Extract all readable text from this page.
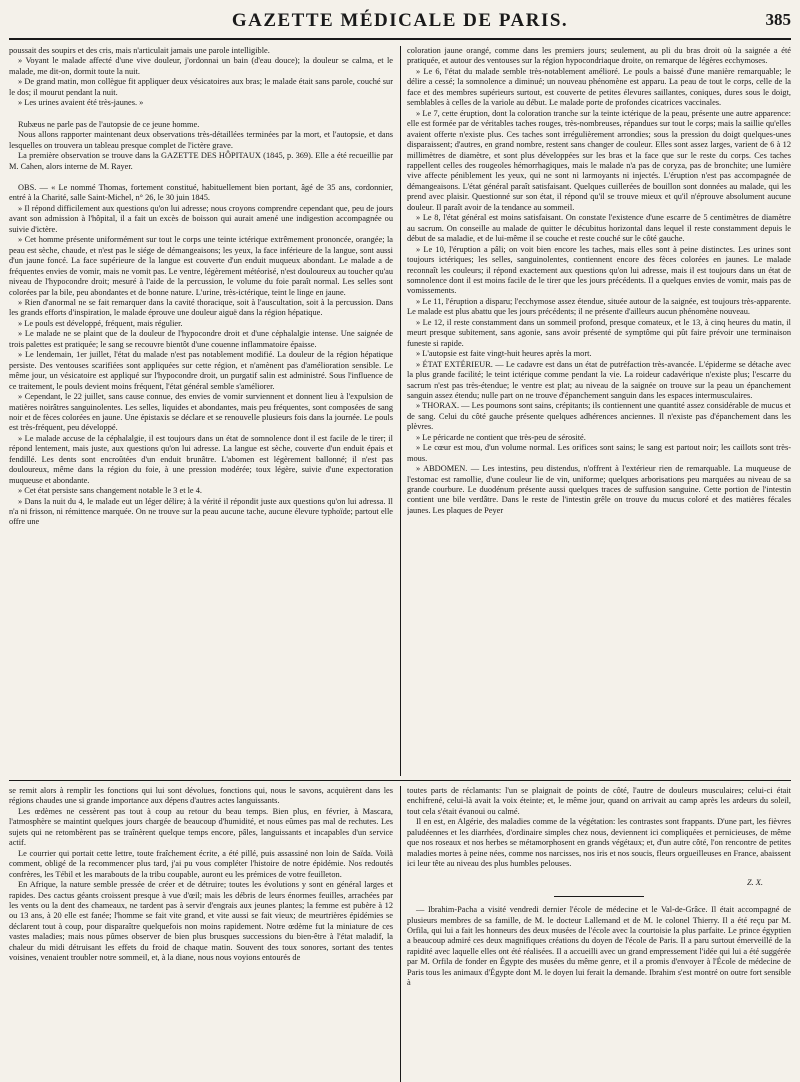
GAZETTE MÉDICALE DE PARIS.	385

poussait des soupirs et des cris, mais n'articulait jamais une parole intelligible.

» Voyant le malade affecté d'une vive douleur, j'ordonnai un bain (d'eau douce); la douleur se calma, et le malade, me dit-on, dormit toute la nuit.

» De grand matin, mon collègue fit appliquer deux vésicatoires aux bras; le malade était sans parole, couché sur le dos; il mourut pendant la nuit.

» Les urines avaient été très-jaunes. »

Rubæus ne parle pas de l'autopsie de ce jeune homme.

Nous allons rapporter maintenant deux observations très-détaillées terminées par la mort, et l'autopsie, et dans lesquelles on trouvera un tableau presque complet de l'ictère grave.

La première observation se trouve dans la GAZETTE DES HÔPITAUX (1845, p. 369). Elle a été recueillie par M. Cahen, alors interne de M. Rayer.

OBS. — « Le nommé Thomas, fortement constitué, habituellement bien portant, âgé de 35 ans, cordonnier, entré à la Charité, salle Saint-Michel, n° 26, le 30 juin 1845.

» Il répond difficilement aux questions qu'on lui adresse; nous croyons comprendre cependant que, peu de jours avant son admission à l'hôpital, il a fait un excès de boisson qui aurait amené une indigestion accompagnée ou suivie d'ictère.

» Cet homme présente uniformément sur tout le corps une teinte ictérique extrêmement prononcée, orangée; la peau est sèche, chaude, et n'est pas le siége de démangeaisons; les yeux, la face inférieure de la langue, sont aussi d'un jaune foncé. La face supérieure de la langue est couverte d'un enduit muqueux abondant. Le malade a de fréquentes envies de vomir, mais ne vomit pas. Le ventre, légèrement météorisé, n'est douloureux au toucher qu'au niveau de l'hypocondre droit; mesuré à l'aide de la percussion, le volume du foie paraît normal. Les selles sont colorées par la bile, peu abondantes et de bonne nature. L'urine, très-ictérique, teint le linge en jaune.

» Rien d'anormal ne se fait remarquer dans la cavité thoracique, soit à l'auscultation, soit à la percussion. Dans les grands efforts d'inspiration, le malade éprouve une douleur aiguë dans la région hépatique.

» Le pouls est développé, fréquent, mais régulier.

» Le malade ne se plaint que de la douleur de l'hypocondre droit et d'une céphalalgie intense. Une saignée de trois palettes est pratiquée; le sang se recouvre bientôt d'une couenne inflammatoire épaisse.

» Le lendemain, 1er juillet, l'état du malade n'est pas notablement modifié. La douleur de la région hépatique persiste. Des ventouses scarifiées sont appliquées sur cette région, et n'amènent pas d'amélioration sensible. Le même jour, un vésicatoire est appliqué sur l'hypocondre droit, un purgatif salin est administré. Sous l'influence de ce traitement, le pouls devient moins fréquent, l'état général semble s'améliorer.

» Cependant, le 22 juillet, sans cause connue, des envies de vomir surviennent et donnent lieu à l'expulsion de matières noirâtres sanguinolentes. Les selles, liquides et abondantes, mais peu fréquentes, sont composées de sang noir et de fèces colorées en jaune. Une épistaxis se déclare et se renouvelle plusieurs fois dans la journée. Le pouls est très-fréquent, peu développé.

» Le malade accuse de la céphalalgie, il est toujours dans un état de somnolence dont il est facile de le tirer; il répond lentement, mais juste, aux questions qu'on lui adresse. La langue est sèche, couverte d'un enduit épais et fendillé. Les dents sont encroûtées d'un enduit brunâtre. L'abomen est légèrement ballonné; il n'est pas douloureux, même dans la région du foie, à une pression modérée; toux légère, suivie d'une expectoration muqueuse et abondante.

» Cet état persiste sans changement notable le 3 et le 4.

» Dans la nuit du 4, le malade eut un léger délire; à la vérité il répondit juste aux questions qu'on lui adressa. Il n'a ni frisson, ni rémittence marquée. On ne trouve sur la peau aucune tache, aucune élevure typhoïde; partout elle offre une

coloration jaune orangé, comme dans les premiers jours; seulement, au pli du bras droit où la saignée a été pratiquée, et autour des ventouses sur la région hypocondriaque droite, on remarque de légères ecchymoses.

» Le 6, l'état du malade semble très-notablement amélioré. Le pouls a baissé d'une manière remarquable; le délire a cessé; la somnolence a diminué; un nouveau phénomène est apparu. La peau de tout le corps, celle de la face et des membres supérieurs surtout, est couverte de petites élevures saillantes, coniques, dures sous le doigt, semblables à celles de la variole au début. Le malade porte de profondes cicatrices vaccinales.

» Le 7, cette éruption, dont la coloration tranche sur la teinte ictérique de la peau, présente une autre apparence: elle est formée par de véritables taches rouges, très-nombreuses, répandues sur tout le corps; mais la saillie qu'elles avaient offerte n'existe plus. Ces taches sont irrégulièrement arrondies; sous la pression du doigt quelques-unes disparaissent; d'autres, en grand nombre, restent sans changer de couleur. Elles sont assez larges, varient de 6 à 12 millimètres de diamètre, et sont plus développées sur les bras et la face que sur le reste du corps. Ces taches rappellent celles des rougeoles hémorrhagiques, mais le malade n'a pas de coryza, pas de bronchite; une lumière vive affecte péniblement les yeux, qui ne sont ni larmoyants ni injectés. L'éruption n'est pas accompagnée de démangeaisons. L'état général paraît satisfaisant. Quelques cuillerées de bouillon sont données au malade, qui les prend avec plaisir. Questionné sur son état, il répond qu'il se trouve mieux et qu'il n'éprouve absolument aucune douleur. Il paraît avoir de la tendance au sommeil.

» Le 8, l'état général est moins satisfaisant. On constate l'existence d'une escarre de 5 centimètres de diamètre au sacrum. On conseille au malade de quitter le décubitus horizontal dans lequel il reste constamment depuis le début de sa maladie, et de lui-même il se couche et reste couché sur le côté gauche.

» Le 10, l'éruption a pâli; on voit bien encore les taches, mais elles sont à peine distinctes. Les urines sont toujours ictériques; les selles, sanguinolentes, contiennent encore des fèces colorées en jaunes. Le malade reconnaît les couleurs; il répond exactement aux questions qu'on lui adresse, mais il est toujours dans un état de somnolence dont il est moins facile de le tirer que les jours précédents. Il a quelques envies de vomir, mais pas de vomissements.

» Le 11, l'éruption a disparu; l'ecchymose assez étendue, située autour de la saignée, est toujours très-apparente. Le malade est plus abattu que les jours précédents; il ne présente d'ailleurs aucun phénomène nouveau.

» Le 12, il reste constamment dans un sommeil profond, presque comateux, et le 13, à cinq heures du matin, il meurt presque subitement, sans agonie, sans avoir présenté de symptôme qui pût faire prévoir une terminaison funeste si rapide.

» L'autopsie est faite vingt-huit heures après la mort.

» ÉTAT EXTÉRIEUR. — Le cadavre est dans un état de putréfaction très-avancée. L'épiderme se détache avec la plus grande facilité; le teint ictérique comme pendant la vie. La roideur cadavérique n'existe plus; l'escarre du sacrum n'est pas très-étendue; le ventre est plat; au niveau de la saignée on trouve sur la peau un épanchement sanguin assez étendu; nulle part on ne trouve d'épanchement sanguin dans les espaces intermusculaires.

» THORAX. — Les poumons sont sains, crépitants; ils contiennent une quantité assez considérable de mucus et de sang. Celui du côté gauche présente quelques adhérences anciennes. Il n'existe pas d'épanchement dans les plèvres.

» Le péricarde ne contient que très-peu de sérosité.

» Le cœur est mou, d'un volume normal. Les orifices sont sains; le sang est partout noir; les caillots sont très-mous.

» ABDOMEN. — Les intestins, peu distendus, n'offrent à l'extérieur rien de remarquable. La muqueuse de l'estomac est ramollie, d'une couleur lie de vin, uniforme; quelques arborisations peu marquées au niveau de sa grande courbure. Le duodénum présente aussi quelques traces de suffusion sanguine. Cette portion de l'intestin contient une bile verdâtre. Dans le reste de l'intestin grêle on trouve du mucus coloré et des matières fécales jaunes. Les plaques de Peyer

se remit alors à remplir les fonctions qui lui sont dévolues, fonctions qui, nous le savons, acquièrent dans les régions chaudes une si grande importance aux dépens d'autres actes languissants.

Les œdèmes ne cessèrent pas tout à coup au retour du beau temps. Bien plus, en février, à Mascara, l'atmosphère se maintint quelques jours chargée de beaucoup d'humidité, et nous eûmes pas mal de rechutes. Les sujets qui ne retombèrent pas se traînèrent quelque temps encore, pâles, languissants et incapables d'un service actif.

Le courrier qui portait cette lettre, toute fraîchement écrite, a été pillé, puis assassiné non loin de Saïda. Voilà comment, obligé de la recommencer plus tard, j'ai pu vous compléter l'histoire de notre épidémie. Nos redoutés confrères, les Tébil et les marabouts de la tribu coupable, auront eu les prémices de votre feuilleton.

En Afrique, la nature semble pressée de créer et de détruire; toutes les évolutions y sont en général larges et rapides. Des cactus géants croissent presque à vue d'œil; mais les débris de leurs énormes feuilles, arrachées par les vents ou la dent des chameaux, ne tardent pas à servir d'engrais aux jeunes plantes; la femme est pubère à 12 ou 13 ans, à 20 elle est fanée; l'homme se fait vite grand, et vite aussi se fait vieux; de meurtrières épidémies se déclarent tout à coup, pour disparaître quelquefois non moins rapidement. Notre œdème fut la miniature de ces vastes maladies; mais nous pûmes observer de bien plus brusques successions du bien-être à l'état maladif, la chaleur du midi détruisant les effets du froid de chaque matin. Souvent des toux sonores, sortant des tentes voisines, venaient troubler notre sommeil, et, à la diane, nous nous voyions entourés de

toutes parts de réclamants: l'un se plaignait de points de côté, l'autre de douleurs musculaires; celui-ci était enchifrené, celui-là avait la voix éteinte; et, le même jour, quand on arrivait au camp après les ardeurs du soleil, tout cela s'était évanoui ou calmé.

Il en est, en Algérie, des maladies comme de la végétation: les contrastes sont frappants. D'une part, les fièvres paludéennes et les diarrhées, d'ordinaire simples chez nous, deviennent ici compliquées et pernicieuses, de même que nos roseaux et nos herbes se métamorphosent en grands végétaux; et, d'un autre côté, l'on rencontre de petites maladies mortes à peine nées, comme nos narcisses, nos iris et nos soucis, fleurs orgueilleuses en France, abaissent ici leur tête au niveau des plus humbles pelouses.

Z. X.

— Ibrahim-Pacha a visité vendredi dernier l'école de médecine et le Val-de-Grâce. Il était accompagné de plusieurs membres de sa famille, de M. le docteur Lallemand et de M. le colonel Thierry. Il a été reçu par M. Orfila, qui lui a fait les honneurs des deux musées de l'école avec la courtoisie la plus parfaite. Le prince égyptien a beaucoup admiré ces deux magnifiques créations du doyen de l'école de Paris. Il a paru surtout émerveillé de la rapidité avec laquelle elles ont été réalisées. Il a accueilli avec un grand empressement l'idée qui lui a été suggérée par M. Orfila de fonder en Égypte des musées du même genre, et il a promis d'envoyer à l'École de médecine de Paris tous les animaux d'Égypte dont M. le doyen lui ferait la demande. Ibrahim s'est montré on outre fort sensible à
